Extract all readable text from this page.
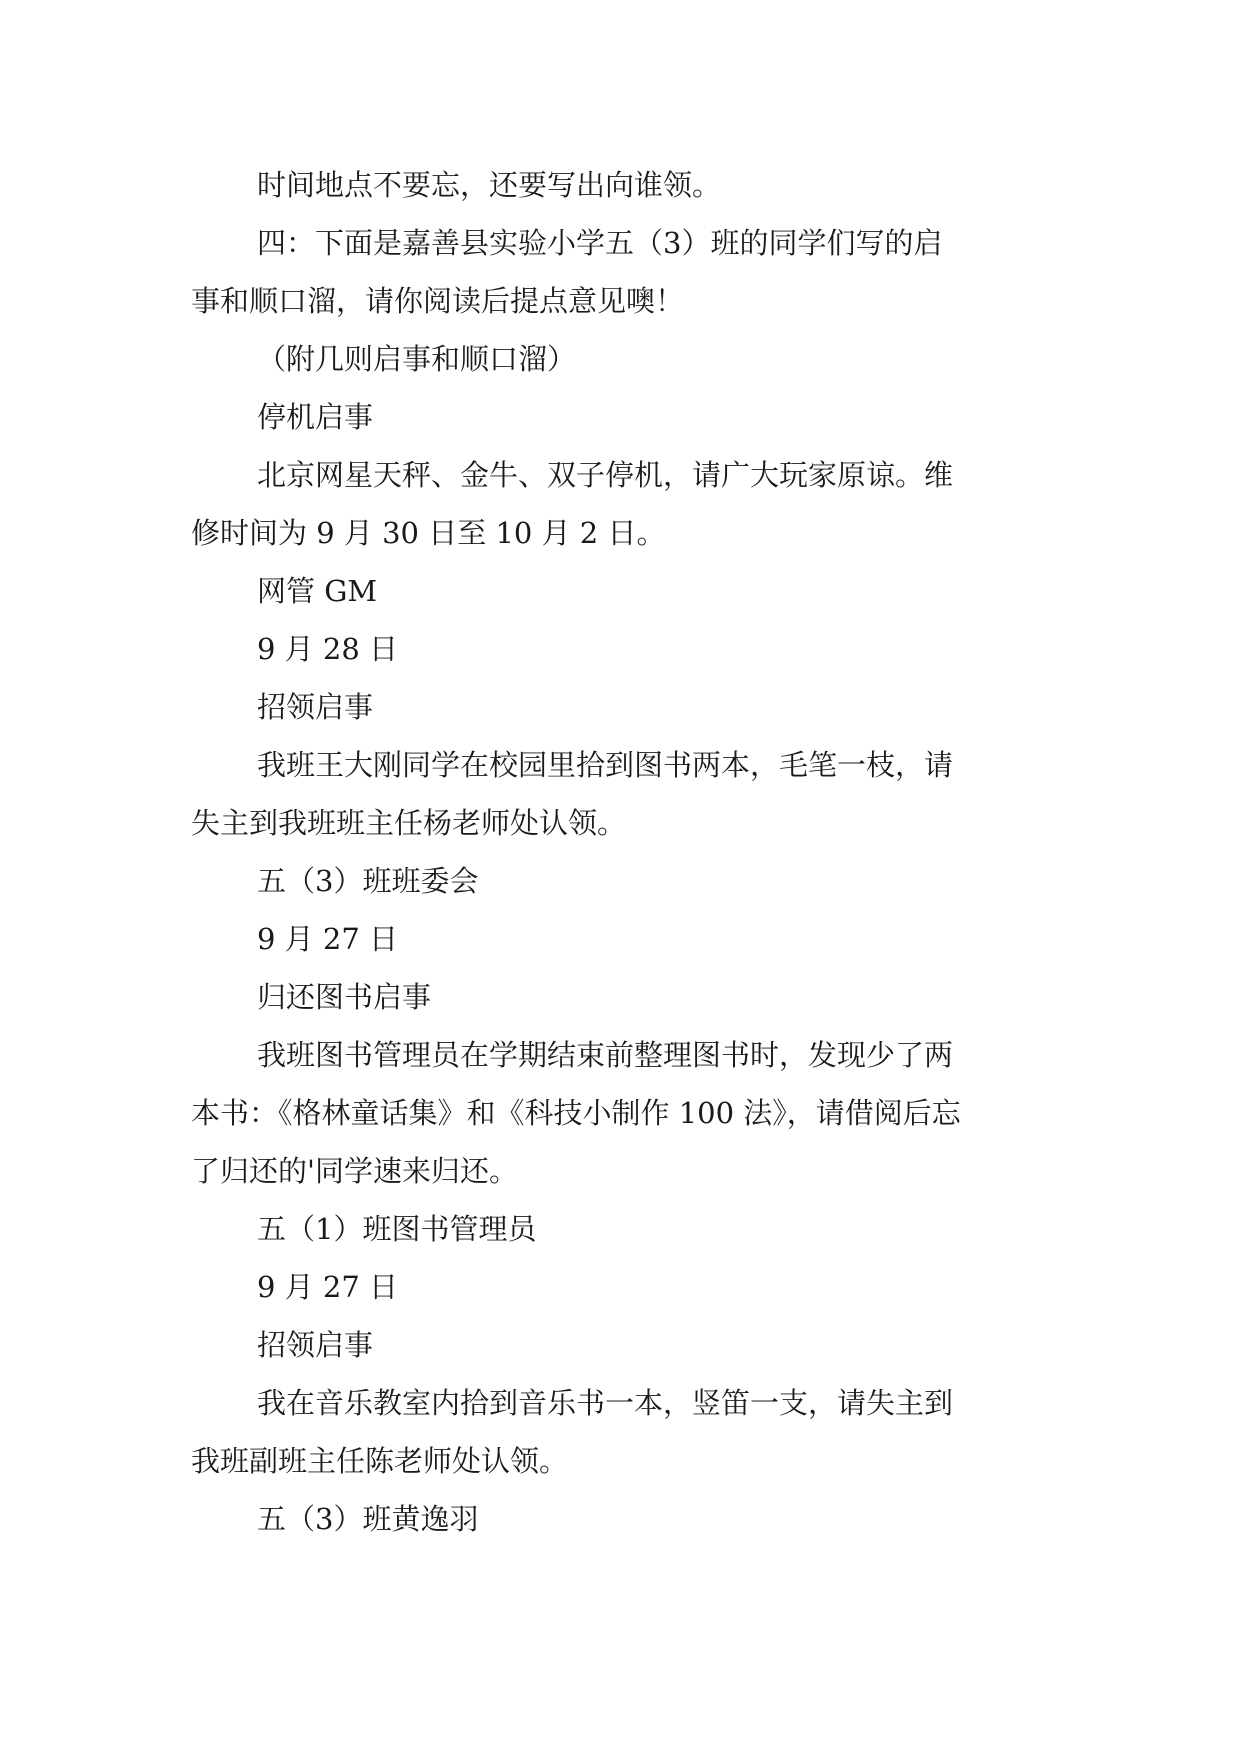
时间地点不要忘，还要写出向谁领。

四：下面是嘉善县实验小学五（3）班的同学们写的启

事和顺口溜，请你阅读后提点意见噢！

（附几则启事和顺口溜）

停机启事

北京网星天秤、金牛、双子停机，请广大玩家原谅。维

修时间为 9 月 30 日至 10 月 2 日。

网管 GM

9 月 28 日

招领启事

我班王大刚同学在校园里拾到图书两本，毛笔一枝，请

失主到我班班主任杨老师处认领。

五（3）班班委会

9 月 27 日

归还图书启事

我班图书管理员在学期结束前整理图书时，发现少了两

本书：《格林童话集》和《科技小制作 100 法》，请借阅后忘

了归还的'同学速来归还。

五（1）班图书管理员

9 月 27 日

招领启事

我在音乐教室内拾到音乐书一本，竖笛一支，请失主到

我班副班主任陈老师处认领。

五（3）班黄逸羽
